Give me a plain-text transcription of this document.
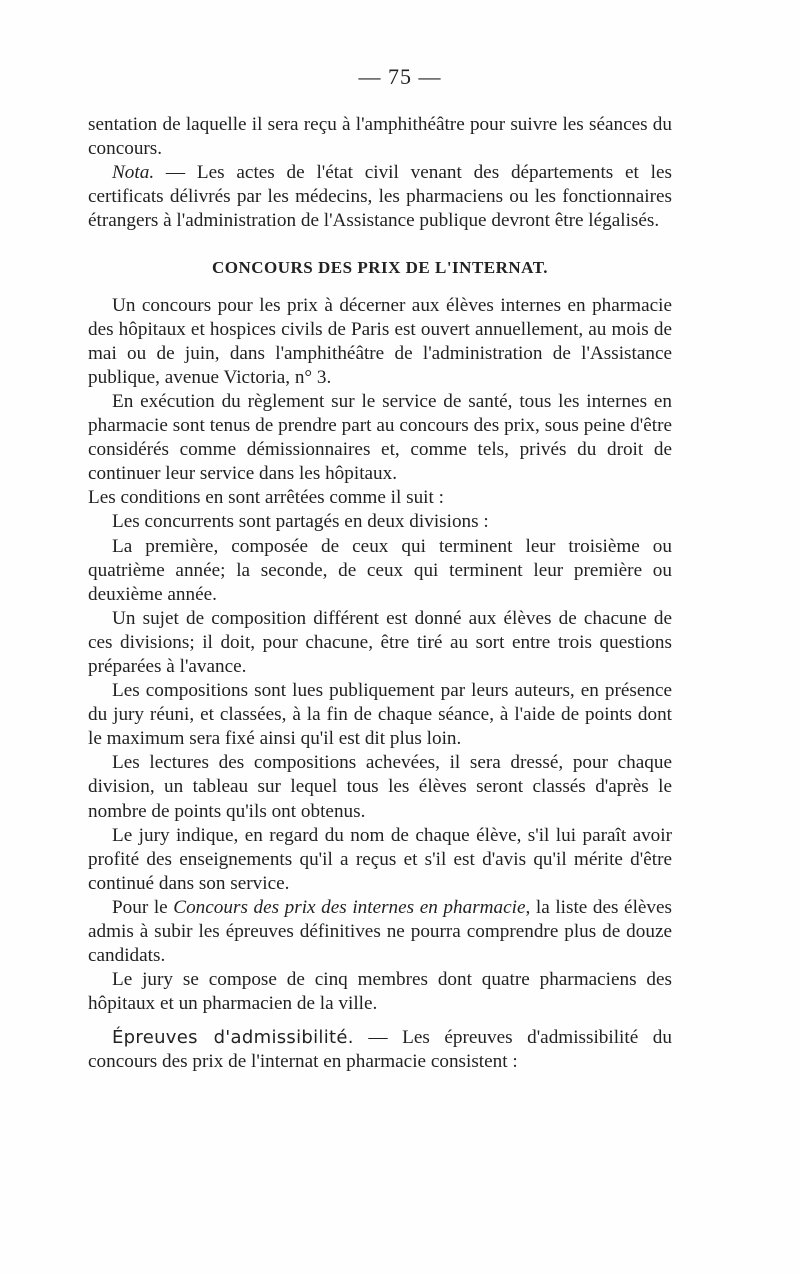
— 75 —

sentation de laquelle il sera reçu à l'amphithéâtre pour suivre les séances du concours.

Nota. — Les actes de l'état civil venant des départements et les certificats délivrés par les médecins, les pharmaciens ou les fonctionnaires étrangers à l'administration de l'Assistance publique devront être légalisés.

CONCOURS DES PRIX DE L'INTERNAT.

Un concours pour les prix à décerner aux élèves internes en pharmacie des hôpitaux et hospices civils de Paris est ouvert annuellement, au mois de mai ou de juin, dans l'amphithéâtre de l'administration de l'Assistance publique, avenue Victoria, n° 3.

En exécution du règlement sur le service de santé, tous les internes en pharmacie sont tenus de prendre part au concours des prix, sous peine d'être considérés comme démissionnaires et, comme tels, privés du droit de continuer leur service dans les hôpitaux.

Les conditions en sont arrêtées comme il suit :

Les concurrents sont partagés en deux divisions :

La première, composée de ceux qui terminent leur troisième ou quatrième année; la seconde, de ceux qui terminent leur première ou deuxième année.

Un sujet de composition différent est donné aux élèves de chacune de ces divisions; il doit, pour chacune, être tiré au sort entre trois questions préparées à l'avance.

Les compositions sont lues publiquement par leurs auteurs, en présence du jury réuni, et classées, à la fin de chaque séance, à l'aide de points dont le maximum sera fixé ainsi qu'il est dit plus loin.

Les lectures des compositions achevées, il sera dressé, pour chaque division, un tableau sur lequel tous les élèves seront classés d'après le nombre de points qu'ils ont obtenus.

Le jury indique, en regard du nom de chaque élève, s'il lui paraît avoir profité des enseignements qu'il a reçus et s'il est d'avis qu'il mérite d'être continué dans son service.

Pour le Concours des prix des internes en pharmacie, la liste des élèves admis à subir les épreuves définitives ne pourra comprendre plus de douze candidats.

Le jury se compose de cinq membres dont quatre pharmaciens des hôpitaux et un pharmacien de la ville.

Épreuves d'admissibilité. — Les épreuves d'admissibilité du concours des prix de l'internat en pharmacie consistent :
